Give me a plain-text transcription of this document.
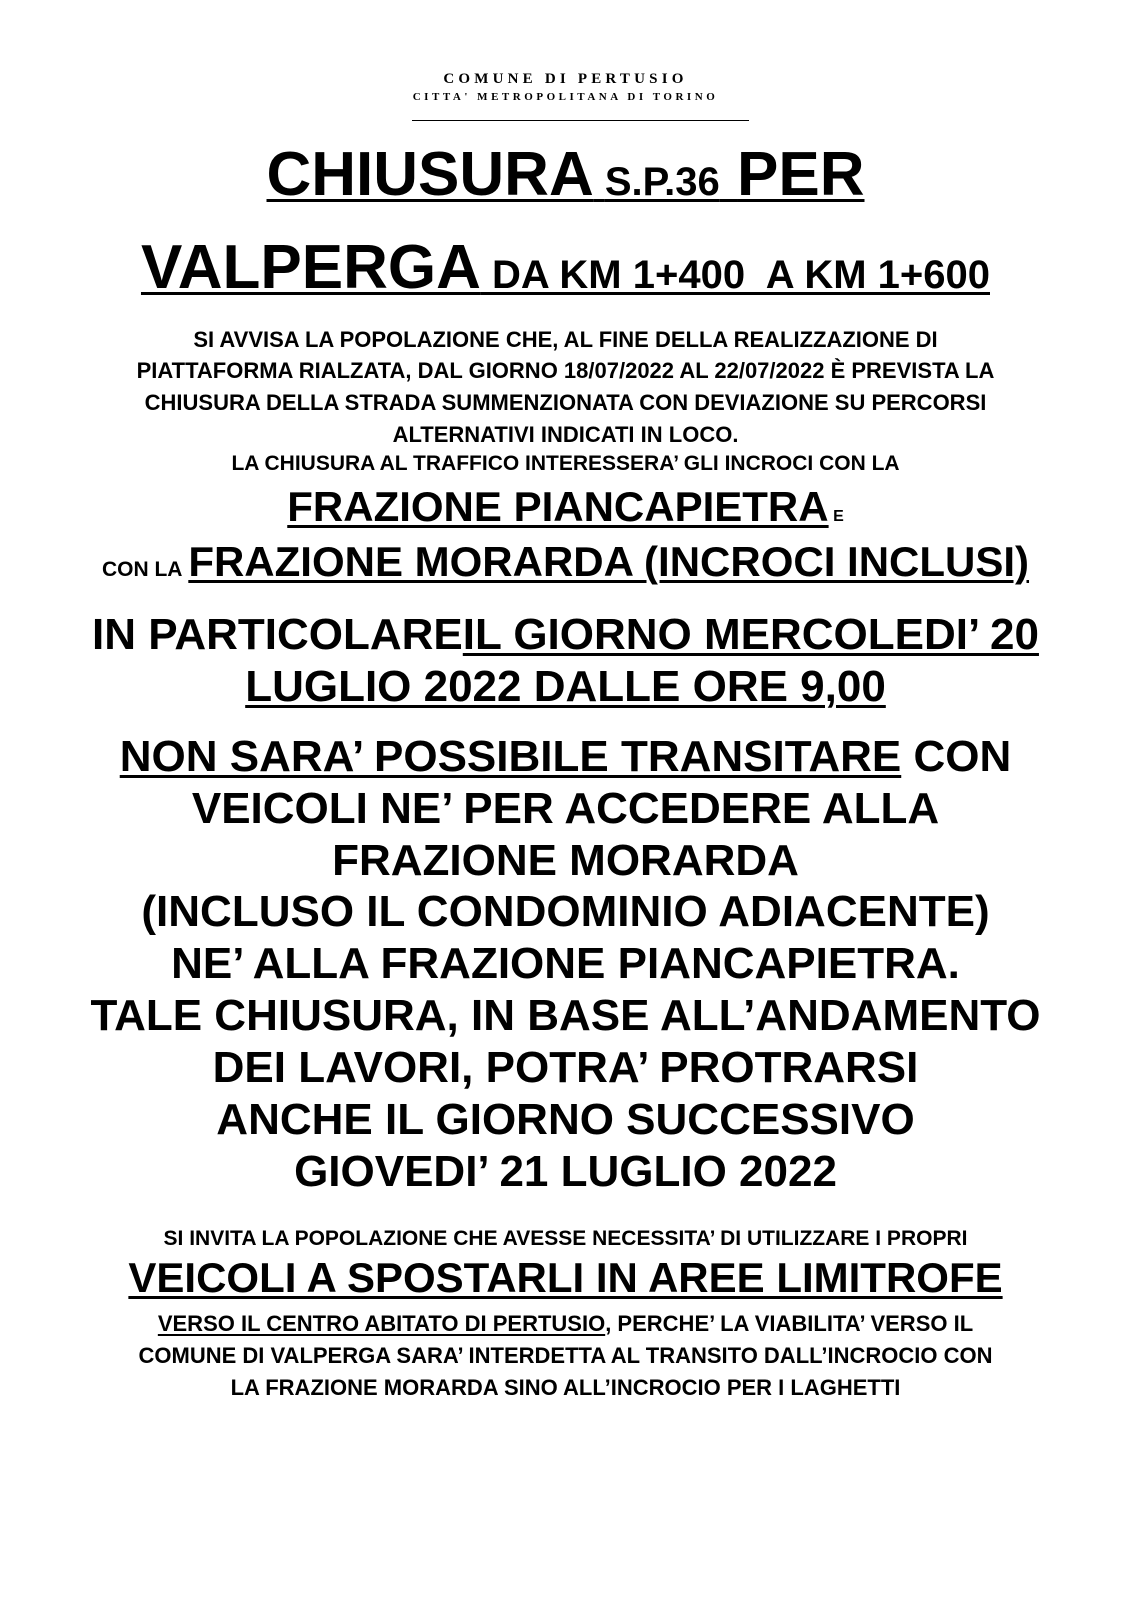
COMUNE DI PERTUSIO
CITTA' METROPOLITANA DI TORINO
CHIUSURA S.P.36 PER
VALPERGA DA KM 1+400  A KM 1+600
SI AVVISA LA POPOLAZIONE CHE, AL FINE DELLA REALIZZAZIONE DI
PIATTAFORMA RIALZATA, DAL GIORNO 18/07/2022 AL 22/07/2022 È PREVISTA LA
CHIUSURA DELLA STRADA SUMMENZIONATA CON DEVIAZIONE SU PERCORSI
ALTERNATIVI INDICATI IN LOCO.
LA CHIUSURA AL TRAFFICO INTERESSERA’ GLI INCROCI CON LA
FRAZIONE PIANCAPIETRA E
CON LA FRAZIONE MORARDA (INCROCI INCLUSI)
IN PARTICOLAREIL GIORNO MERCOLEDI’ 20
LUGLIO 2022 DALLE ORE 9,00
NON SARA’ POSSIBILE TRANSITARE CON
VEICOLI NE’ PER ACCEDERE ALLA
FRAZIONE MORARDA
(INCLUSO IL CONDOMINIO ADIACENTE)
NE’ ALLA FRAZIONE PIANCAPIETRA.
TALE CHIUSURA, IN BASE ALL’ANDAMENTO
DEI LAVORI, POTRA’ PROTRARSI
ANCHE IL GIORNO SUCCESSIVO
GIOVEDI’ 21 LUGLIO 2022
SI INVITA LA POPOLAZIONE CHE AVESSE NECESSITA’ DI UTILIZZARE I PROPRI
VEICOLI A SPOSTARLI IN AREE LIMITROFE
VERSO IL CENTRO ABITATO DI PERTUSIO, PERCHE’ LA VIABILITA’ VERSO IL
COMUNE DI VALPERGA SARA’ INTERDETTA AL TRANSITO DALL’INCROCIO CON
LA FRAZIONE MORARDA SINO ALL’INCROCIO PER I LAGHETTI
